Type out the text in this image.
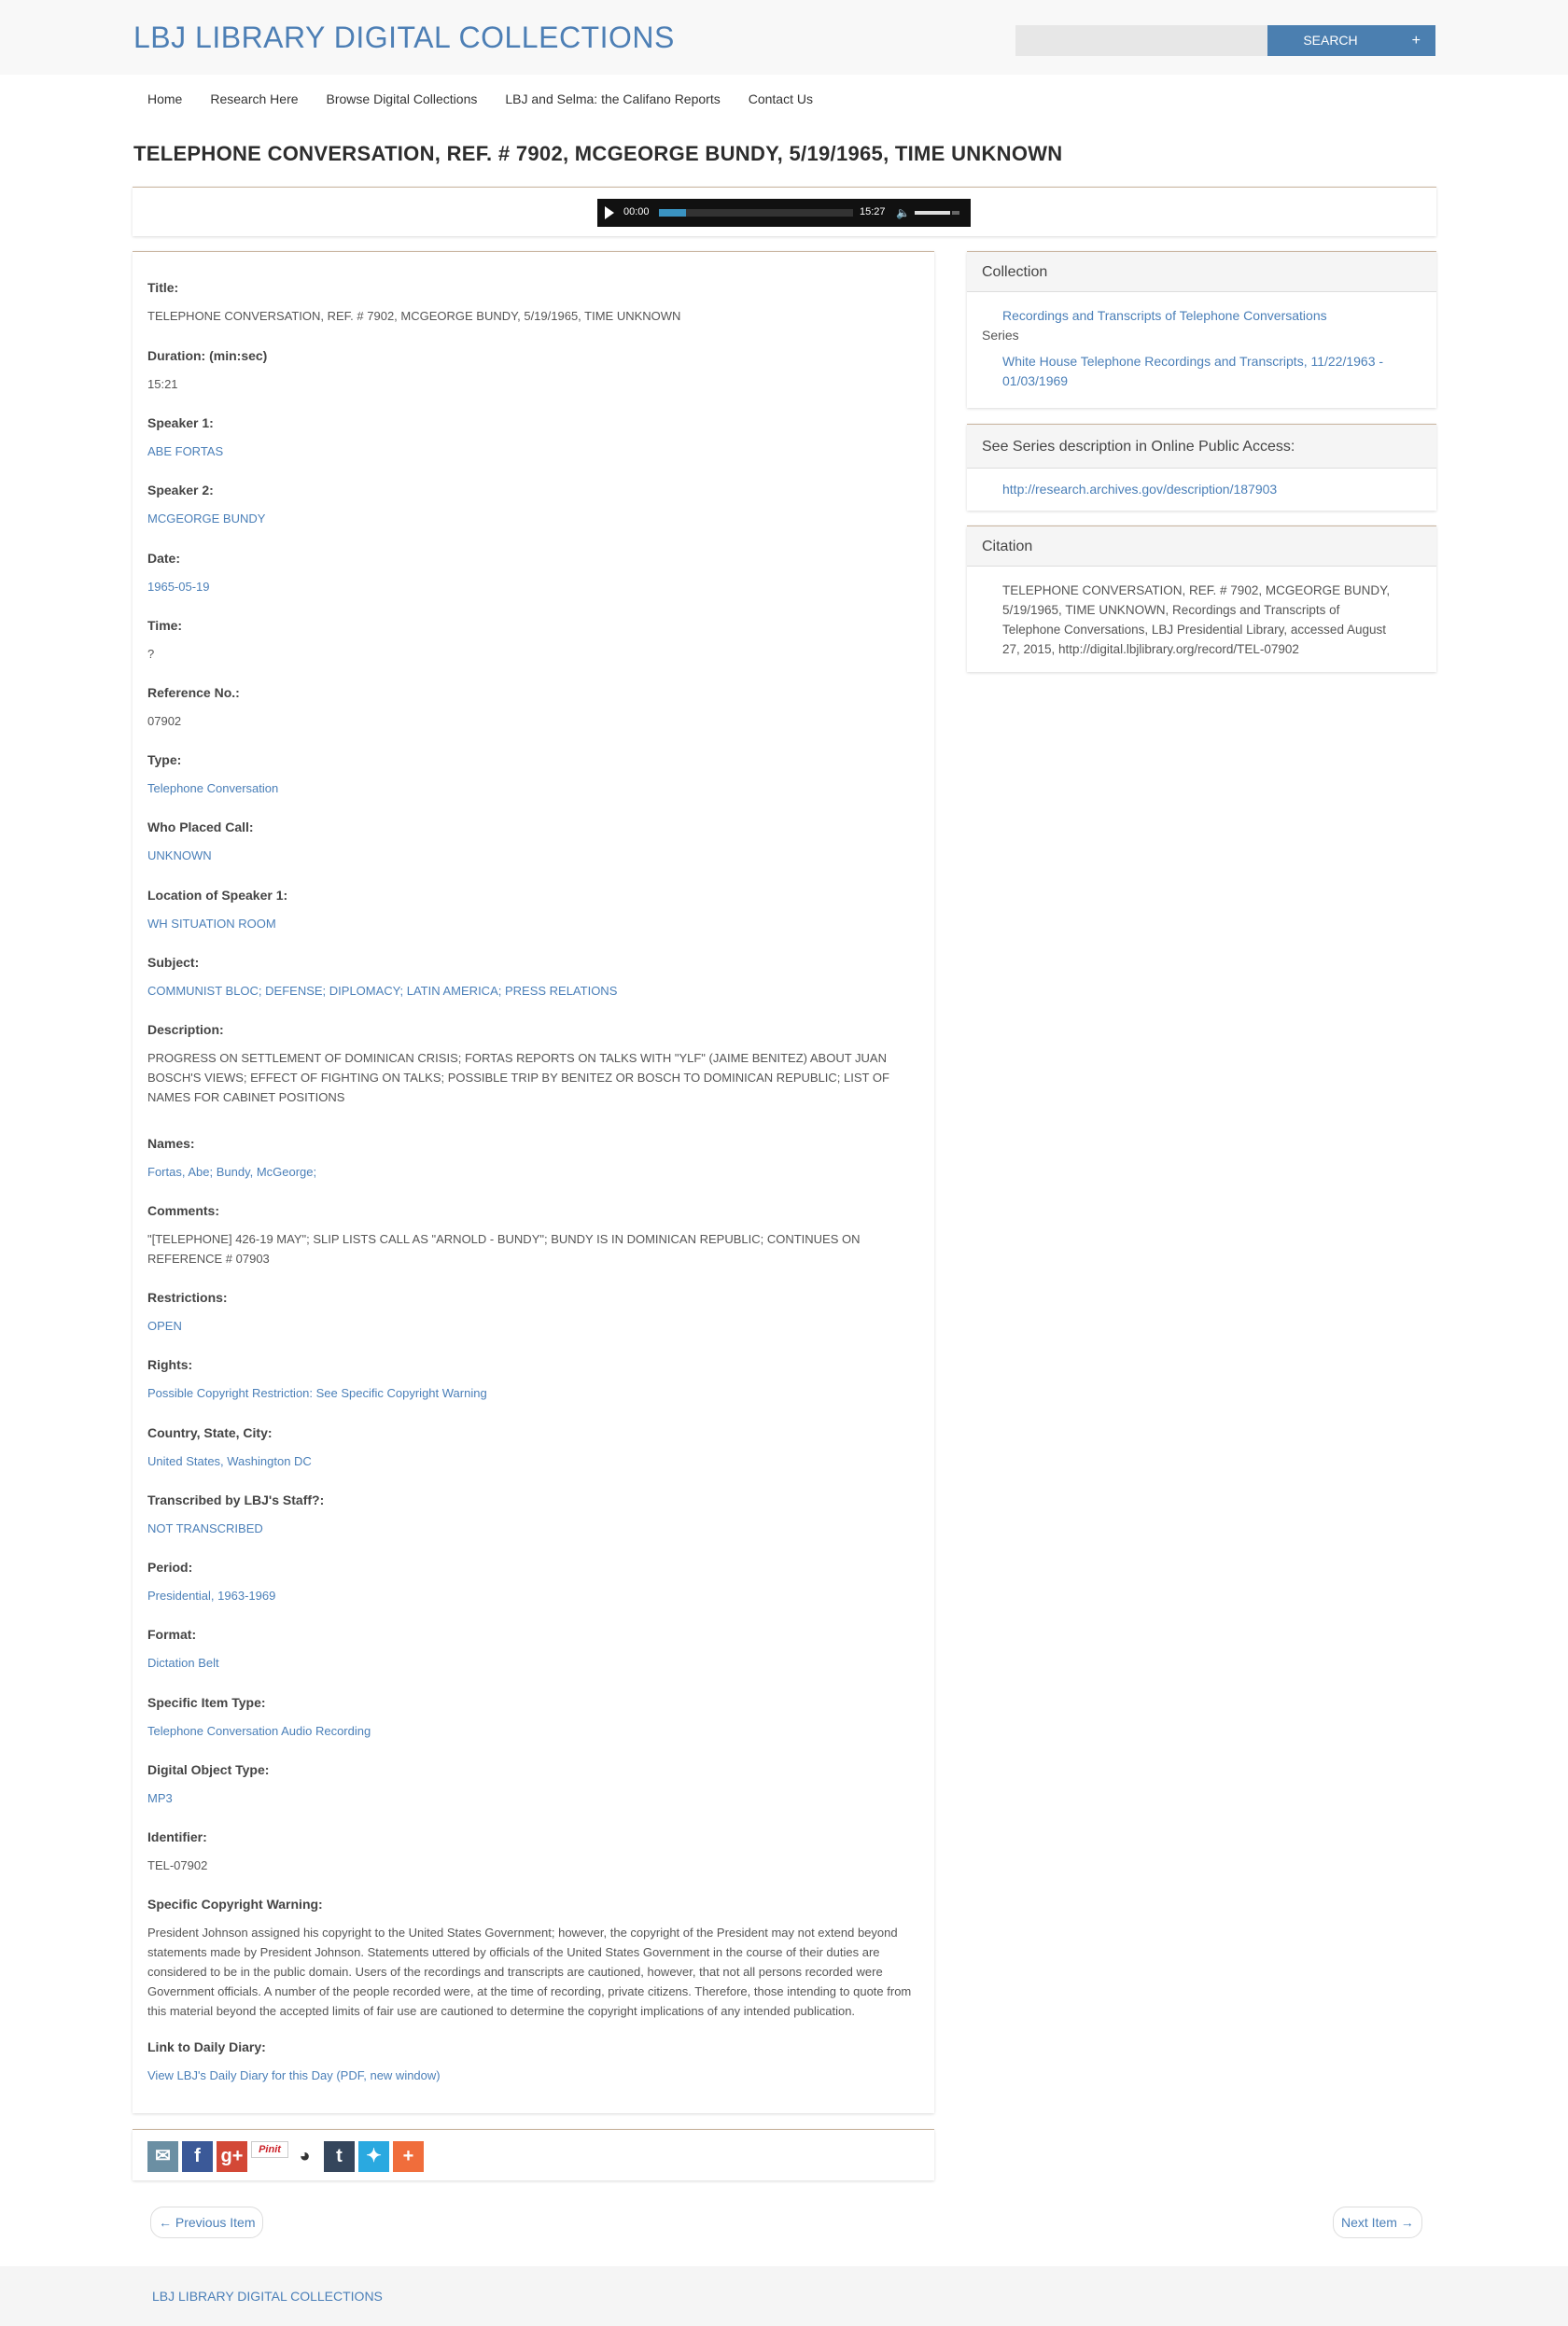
LBJ LIBRARY DIGITAL COLLECTIONS	SEARCH	+
Home	Research Here	Browse Digital Collections	LBJ and Selma: the Califano Reports	Contact Us
TELEPHONE CONVERSATION, REF. # 7902, MCGEORGE BUNDY, 5/19/1965, TIME UNKNOWN
00:00	15:27 🔈
Title:
TELEPHONE CONVERSATION, REF. # 7902, MCGEORGE BUNDY, 5/19/1965, TIME UNKNOWN
Duration: (min:sec)
15:21
Speaker 1:
ABE FORTAS
Speaker 2:
MCGEORGE BUNDY
Date:
1965-05-19
Time:
?
Reference No.:
07902
Type:
Telephone Conversation
Who Placed Call:
UNKNOWN
Location of Speaker 1:
WH SITUATION ROOM
Subject:
COMMUNIST BLOC; DEFENSE; DIPLOMACY; LATIN AMERICA; PRESS RELATIONS
Description:
PROGRESS ON SETTLEMENT OF DOMINICAN CRISIS; FORTAS REPORTS ON TALKS WITH "YLF" (JAIME BENITEZ) ABOUT JUAN BOSCH'S VIEWS; EFFECT OF FIGHTING ON TALKS; POSSIBLE TRIP BY BENITEZ OR BOSCH TO DOMINICAN REPUBLIC; LIST OF NAMES FOR CABINET POSITIONS
Names:
Fortas, Abe; Bundy, McGeorge;
Comments:
"[TELEPHONE] 426-19 MAY"; SLIP LISTS CALL AS "ARNOLD - BUNDY"; BUNDY IS IN DOMINICAN REPUBLIC; CONTINUES ON REFERENCE # 07903
Restrictions:
OPEN
Rights:
Possible Copyright Restriction: See Specific Copyright Warning
Country, State, City:
United States, Washington DC
Transcribed by LBJ's Staff?:
NOT TRANSCRIBED
Period:
Presidential, 1963-1969
Format:
Dictation Belt
Specific Item Type:
Telephone Conversation Audio Recording
Digital Object Type:
MP3
Identifier:
TEL-07902
Specific Copyright Warning:
President Johnson assigned his copyright to the United States Government; however, the copyright of the President may not extend beyond statements made by President Johnson. Statements uttered by officials of the United States Government in the course of their duties are considered to be in the public domain. Users of the recordings and transcripts are cautioned, however, that not all persons recorded were Government officials. A number of the people recorded were, at the time of recording, private citizens. Therefore, those intending to quote from this material beyond the accepted limits of fair use are cautioned to determine the copyright implications of any intended publication.
Link to Daily Diary:
View LBJ's Daily Diary for this Day (PDF, new window)
✉	f	g+	Pinit ◕	t	✦	+
Collection
Recordings and Transcripts of Telephone Conversations
Series
White House Telephone Recordings and Transcripts, 11/22/1963 - 01/03/1969
See Series description in Online Public Access:
http://research.archives.gov/description/187903
Citation
TELEPHONE CONVERSATION, REF. # 7902, MCGEORGE BUNDY, 5/19/1965, TIME UNKNOWN, Recordings and Transcripts of Telephone Conversations, LBJ Presidential Library, accessed August 27, 2015, http://digital.lbjlibrary.org/record/TEL-07902
← Previous Item	Next Item →
LBJ LIBRARY DIGITAL COLLECTIONS
